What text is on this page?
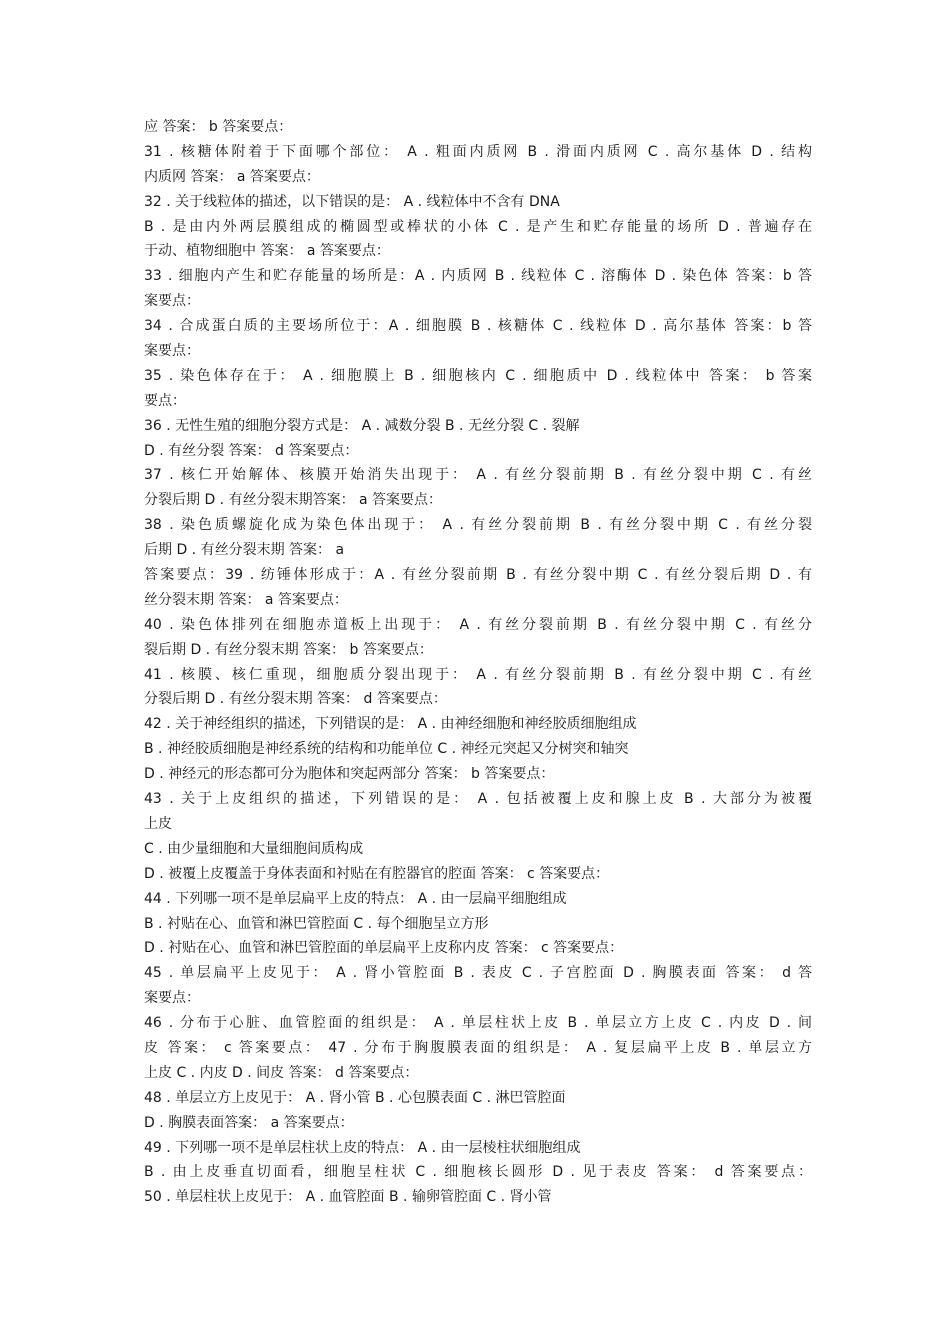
应 答案： b 答案要点：
31 . 核糖体附着于下面哪个部位： A . 粗面内质网 B . 滑面内质网 C . 高尔基体 D . 结构
内质网 答案： a 答案要点：
32 . 关于线粒体的描述，以下错误的是： A . 线粒体中不含有 DNA
B . 是由内外两层膜组成的椭圆型或棒状的小体 C . 是产生和贮存能量的场所 D . 普遍存在
于动、植物细胞中 答案： a 答案要点：
33 . 细胞内产生和贮存能量的场所是：A . 内质网 B . 线粒体 C . 溶酶体 D . 染色体 答案：b 答
案要点：
34 . 合成蛋白质的主要场所位于：A . 细胞膜 B . 核糖体 C . 线粒体 D . 高尔基体 答案：b 答
案要点：
35 . 染色体存在于： A . 细胞膜上 B . 细胞核内 C . 细胞质中 D . 线粒体中 答案： b 答案
要点：
36 . 无性生殖的细胞分裂方式是： A . 减数分裂 B . 无丝分裂 C . 裂解
D . 有丝分裂 答案： d 答案要点：
37 . 核仁开始解体、核膜开始消失出现于： A . 有丝分裂前期 B . 有丝分裂中期 C . 有丝
分裂后期 D . 有丝分裂末期答案： a 答案要点：
38 . 染色质螺旋化成为染色体出现于： A . 有丝分裂前期 B . 有丝分裂中期 C . 有丝分裂
后期 D . 有丝分裂末期 答案： a
答案要点：39 . 纺锤体形成于：A . 有丝分裂前期 B . 有丝分裂中期 C . 有丝分裂后期 D . 有
丝分裂末期 答案： a 答案要点：
40 . 染色体排列在细胞赤道板上出现于： A . 有丝分裂前期 B . 有丝分裂中期 C . 有丝分
裂后期 D . 有丝分裂末期 答案： b 答案要点：
41 . 核膜、核仁重现，细胞质分裂出现于： A . 有丝分裂前期 B . 有丝分裂中期 C . 有丝
分裂后期 D . 有丝分裂末期 答案： d 答案要点：
42 . 关于神经组织的描述，下列错误的是： A . 由神经细胞和神经胶质细胞组成
B . 神经胶质细胞是神经系统的结构和功能单位 C . 神经元突起又分树突和轴突
D . 神经元的形态都可分为胞体和突起两部分 答案： b 答案要点：
43 . 关于上皮组织的描述，下列错误的是： A . 包括被覆上皮和腺上皮 B . 大部分为被覆
上皮
C . 由少量细胞和大量细胞间质构成
D . 被覆上皮覆盖于身体表面和衬贴在有腔器官的腔面 答案： c 答案要点：
44 . 下列哪一项不是单层扁平上皮的特点： A . 由一层扁平细胞组成
B . 衬贴在心、血管和淋巴管腔面 C . 每个细胞呈立方形
D . 衬贴在心、血管和淋巴管腔面的单层扁平上皮称内皮 答案： c 答案要点：
45 . 单层扁平上皮见于： A . 肾小管腔面 B . 表皮 C . 子宫腔面 D . 胸膜表面 答案： d 答
案要点：
46 . 分布于心脏、血管腔面的组织是： A . 单层柱状上皮 B . 单层立方上皮 C . 内皮 D . 间
皮 答案： c 答案要点： 47 . 分布于胸腹膜表面的组织是： A . 复层扁平上皮 B . 单层立方
上皮 C . 内皮 D . 间皮 答案： d 答案要点：
48 . 单层立方上皮见于： A . 肾小管 B . 心包膜表面 C . 淋巴管腔面
D . 胸膜表面答案： a 答案要点：
49 . 下列哪一项不是单层柱状上皮的特点： A . 由一层棱柱状细胞组成
B . 由上皮垂直切面看，细胞呈柱状 C . 细胞核长圆形 D . 见于表皮 答案： d 答案要点：
50 . 单层柱状上皮见于： A . 血管腔面 B . 输卵管腔面 C . 肾小管
